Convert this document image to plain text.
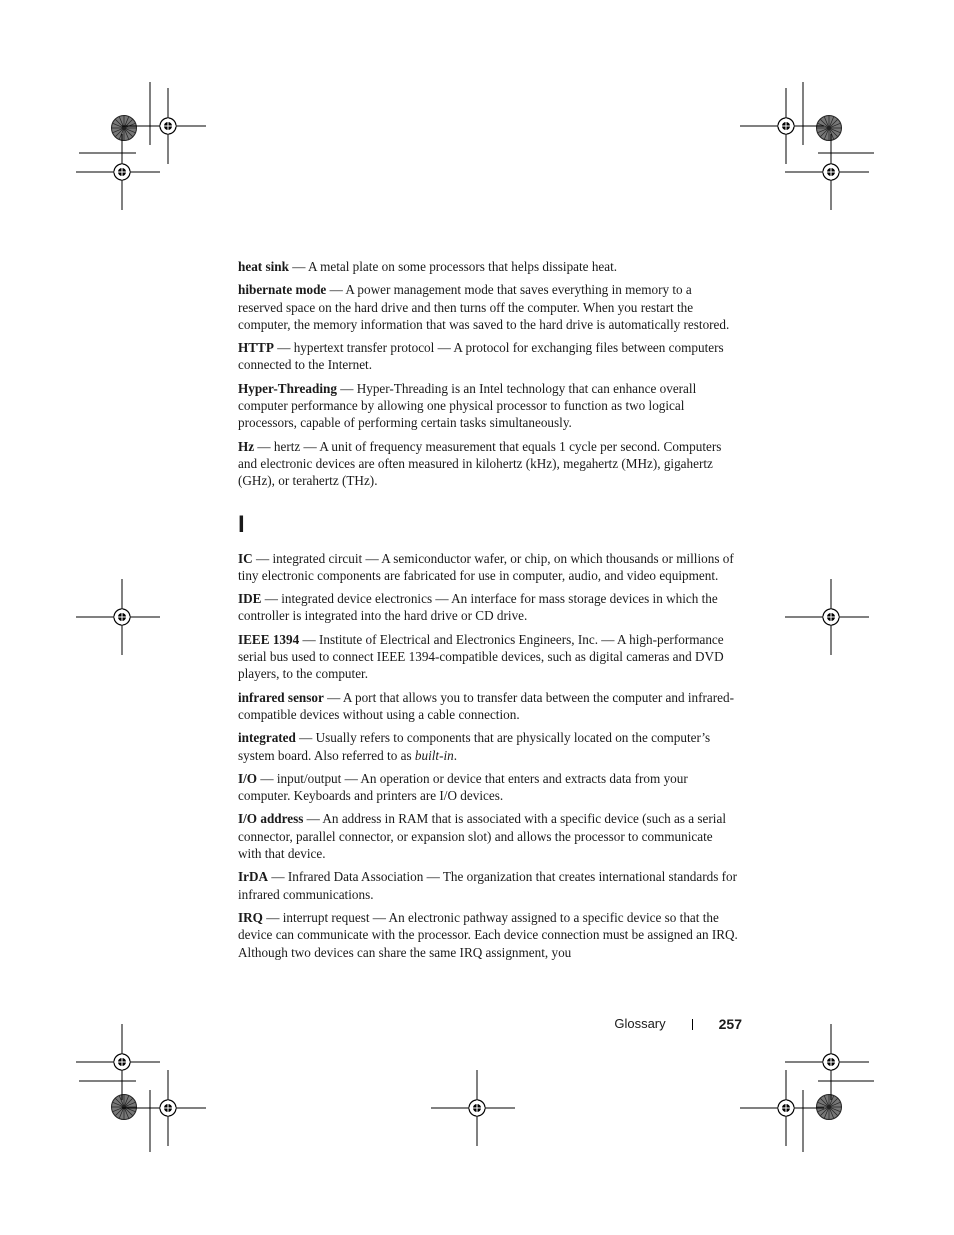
heat sink — A metal plate on some processors that helps dissipate heat.
hibernate mode — A power management mode that saves everything in memory to a reserved space on the hard drive and then turns off the computer. When you restart the computer, the memory information that was saved to the hard drive is automatically restored.
HTTP — hypertext transfer protocol — A protocol for exchanging files between computers connected to the Internet.
Hyper-Threading — Hyper-Threading is an Intel technology that can enhance overall computer performance by allowing one physical processor to function as two logical processors, capable of performing certain tasks simultaneously.
Hz — hertz — A unit of frequency measurement that equals 1 cycle per second. Computers and electronic devices are often measured in kilohertz (kHz), megahertz (MHz), gigahertz (GHz), or terahertz (THz).
I
IC — integrated circuit — A semiconductor wafer, or chip, on which thousands or millions of tiny electronic components are fabricated for use in computer, audio, and video equipment.
IDE — integrated device electronics — An interface for mass storage devices in which the controller is integrated into the hard drive or CD drive.
IEEE 1394 — Institute of Electrical and Electronics Engineers, Inc. — A high-performance serial bus used to connect IEEE 1394-compatible devices, such as digital cameras and DVD players, to the computer.
infrared sensor — A port that allows you to transfer data between the computer and infrared-compatible devices without using a cable connection.
integrated — Usually refers to components that are physically located on the computer’s system board. Also referred to as built-in.
I/O — input/output — An operation or device that enters and extracts data from your computer. Keyboards and printers are I/O devices.
I/O address — An address in RAM that is associated with a specific device (such as a serial connector, parallel connector, or expansion slot) and allows the processor to communicate with that device.
IrDA — Infrared Data Association — The organization that creates international standards for infrared communications.
IRQ — interrupt request — An electronic pathway assigned to a specific device so that the device can communicate with the processor. Each device connection must be assigned an IRQ. Although two devices can share the same IRQ assignment, you
Glossary	257
